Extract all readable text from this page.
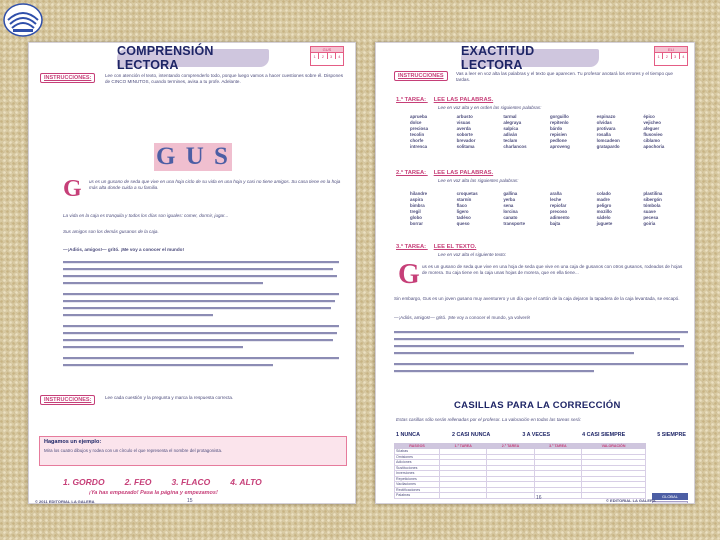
COMPRENSIÓN LECTORA
GUS
1	2	3	4
INSTRUCCIONES:	Lee con atención el texto, intentando comprenderlo todo, porque luego vamos a hacer cuestiones sobre él. Dispones de CINCO MINUTOS, cuando termines, avisa a tu profe. Adelante.
G U S
G us es un gusano de seda que vive en una hoja ciclo de su vida en una hoja y casi no tiene amigos. Su casa tiene en la hoja más alta donde cuida a su familia.
La vida en la caja es tranquila y todos los días son iguales: comer, dormir, jugar...
Sus amigos son los demás gusanos de la caja.
—¡Adiós, amigos!— gritó. ¡Me voy a conocer el mundo!
INSTRUCCIONES:	Lee cada cuestión y la pregunta y marca la respuesta correcta.
Hagamos un ejemplo:
Mira los cuatro dibujos y rodea con un círculo el que representa el nombre del protagonista.
1. GORDO 2. FEO 3. FLACO 4. ALTO
¡Ya has empezado! Pasa la página y empezamos!
15
© 2011 EDITORIAL LA GALERA
EXACTITUD LECTORA
ELI
1	2	3	4
INSTRUCCIONES	Vas a leer en voz alta las palabras y el texto que aparecen. Tu profesor anotará los errores y el tiempo que tardas.
1.ª TAREA: LEE LAS PALABRAS.
Lee en voz alta y en orden las siguientes palabras:
aprueba	arbusto	tarmal	gorguillo	espinazo	épico
dolce	visuas	alegraya	repítenlo	olvidas	vejicheo
preciosa	averda	salpíca	bárdo	protivara	afeguer
tecolin	soborte	adiván	repisíen	rosalla	flusovieo
chorfe	brevador	teclam	pedlone	lomcadeon	ciblamo
intrenca	solitama	charlancos	aproveng	gratapardo	apochoria
2.ª TAREA: LEE LAS PALABRAS.
Lee en voz alta las siguientes palabras:
hilandre	croquetas	gallina	araña	colado	plastilina
aspira	starnín	yerba	leche	madre	sibergón
bimbra	flaco	sena	repiofar	peligro	tómbola
tregil	ligero	lorcina	precoso	mozillo	suave
globo	tadéso	canato	adimento	sádelo	pecesa
borrar	queso	transporte	bajta	juguete	goiria
3.ª TAREA: LEE EL TEXTO.
Lee en voz alta el siguiente texto:
G us es un gusano de seda que vive en una hoja de seda que vive en una caja de gusanos con otros gusanos, rodeados de hojas de morera. Su caja tiene en la caja unas hojas de morera, que en ella tiene...
Sin embargo, Gus es un joven gusano muy aventurero y un día que el cartón de la caja dejaron la tapadera de la caja levantada, se escapó.
—¡Adiós, amigos!— gritó. ¡Me voy a conocer el mundo, ya volveré!
CASILLAS PARA LA CORRECCIÓN
Estas casillas sólo serán rellenadas por el profesor. La valoración en todas las tareas será:
1 NUNCA	2 CASI NUNCA	3 A VECES	4 CASI SIEMPRE	5 SIEMPRE
RASGOS	1.ª TAREA	2.ª TAREA	3.ª TAREA	VALORACIÓN
Sílabas				
Omisiones				
Adiciones				
Sustituciones				
Inversiones				
Repeticiones				
Vacilaciones				
Rectificaciones				
Palabras					GLOBAL
16	© EDITORIAL LA GALERA
